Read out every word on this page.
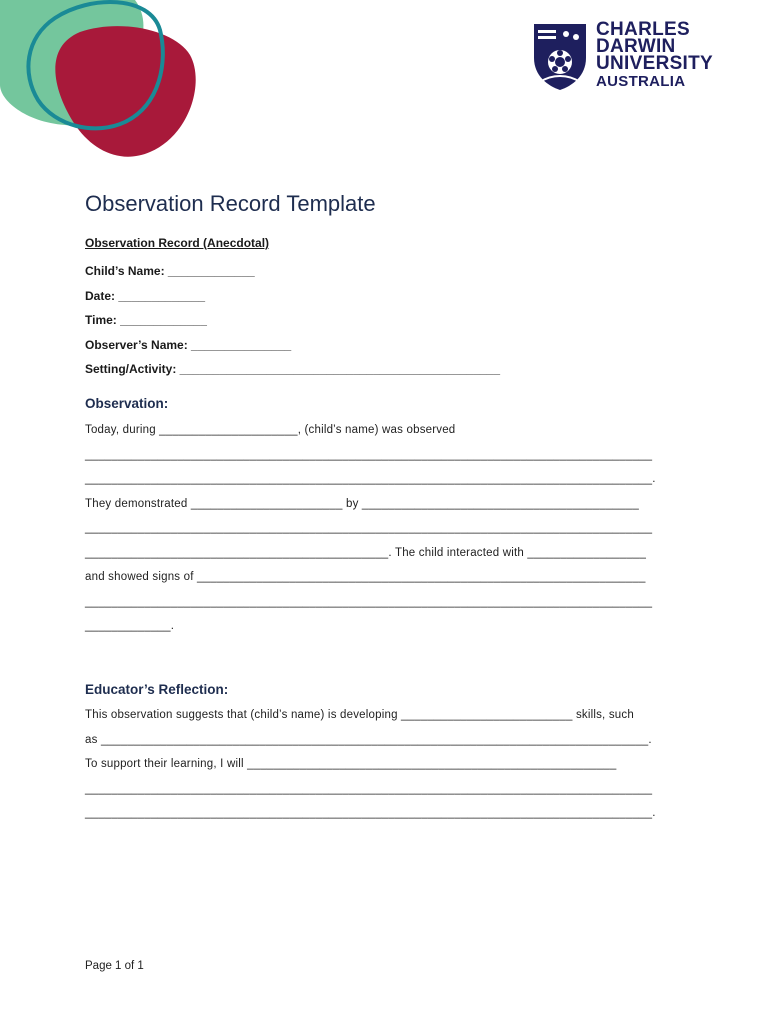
CHARLES
DARWIN
UNIVERSITY
AUSTRALIA
Observation Record Template

Observation Record (Anecdotal)

Child’s Name: _____________

Date: _____________

Time: _____________

Observer’s Name: _______________

Setting/Activity: ________________________________________________

Observation:

Today, during _____________________, (child’s name) was observed

______________________________________________________________________________________

______________________________________________________________________________________.

They demonstrated _______________________ by __________________________________________

______________________________________________________________________________________

______________________________________________. The child interacted with __________________

and showed signs of ____________________________________________________________________

______________________________________________________________________________________

_____________.

Educator’s Reflection:

This observation suggests that (child’s name) is developing __________________________ skills, such

as ___________________________________________________________________________________.

To support their learning, I will ________________________________________________________

______________________________________________________________________________________

______________________________________________________________________________________.

Page 1 of 1
